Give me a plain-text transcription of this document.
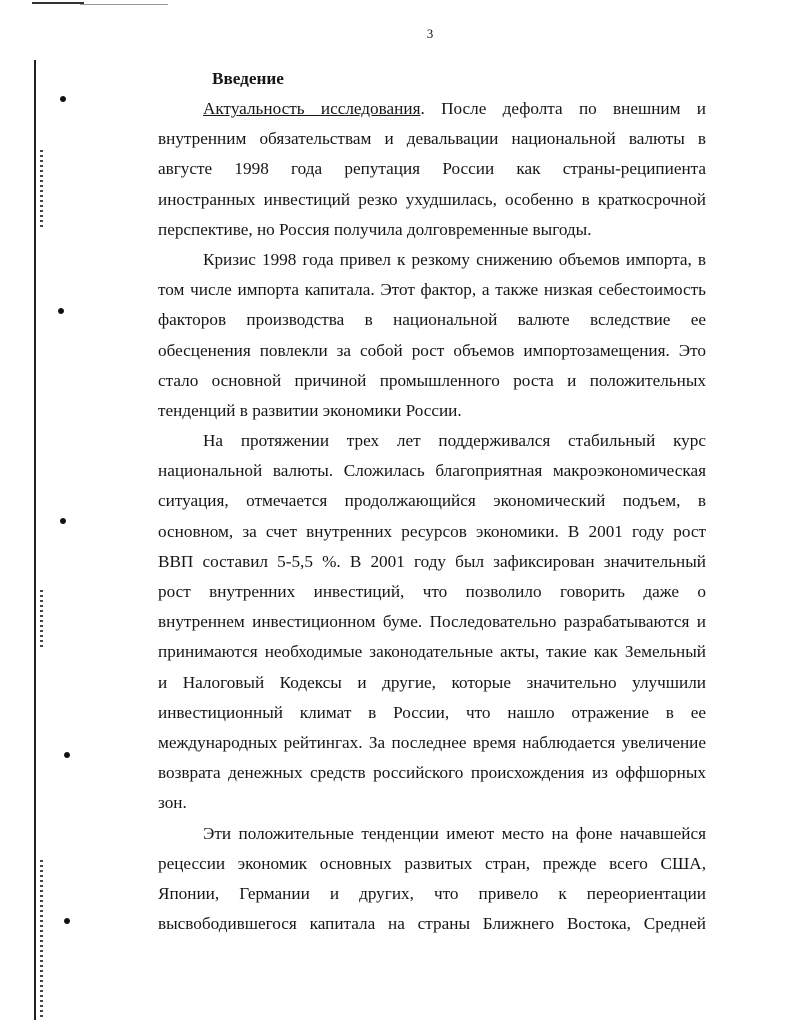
3
Введение
Актуальность исследования. После дефолта по внешним и
внутренним обязательствам и девальвации национальной валюты в
августе 1998 года репутация России как страны-реципиента
иностранных инвестиций резко ухудшилась, особенно в краткосрочной
перспективе, но Россия получила долговременные выгоды.
Кризис 1998 года привел к резкому снижению объемов импорта, в
том числе импорта капитала. Этот фактор, а также низкая себестоимость
факторов производства в национальной валюте вследствие ее
обесценения повлекли за собой рост объемов импортозамещения. Это
стало основной причиной промышленного роста и положительных
тенденций в развитии экономики России.
На протяжении трех лет поддерживался стабильный курс
национальной валюты. Сложилась благоприятная макроэкономическая
ситуация, отмечается продолжающийся экономический подъем, в
основном, за счет внутренних ресурсов экономики. В 2001 году рост
ВВП составил 5-5,5 %. В 2001 году был зафиксирован значительный
рост внутренних инвестиций, что позволило говорить даже о
внутреннем инвестиционном буме. Последовательно разрабатываются и
принимаются необходимые законодательные акты, такие как Земельный
и Налоговый Кодексы и другие, которые значительно улучшили
инвестиционный климат в России, что нашло отражение в ее
международных рейтингах. За последнее время наблюдается увеличение
возврата денежных средств российского происхождения из оффшорных
зон.
Эти положительные тенденции имеют место на фоне начавшейся
рецессии экономик основных развитых стран, прежде всего США,
Японии, Германии и других, что привело к переориентации
высвободившегося капитала на страны Ближнего Востока, Средней
